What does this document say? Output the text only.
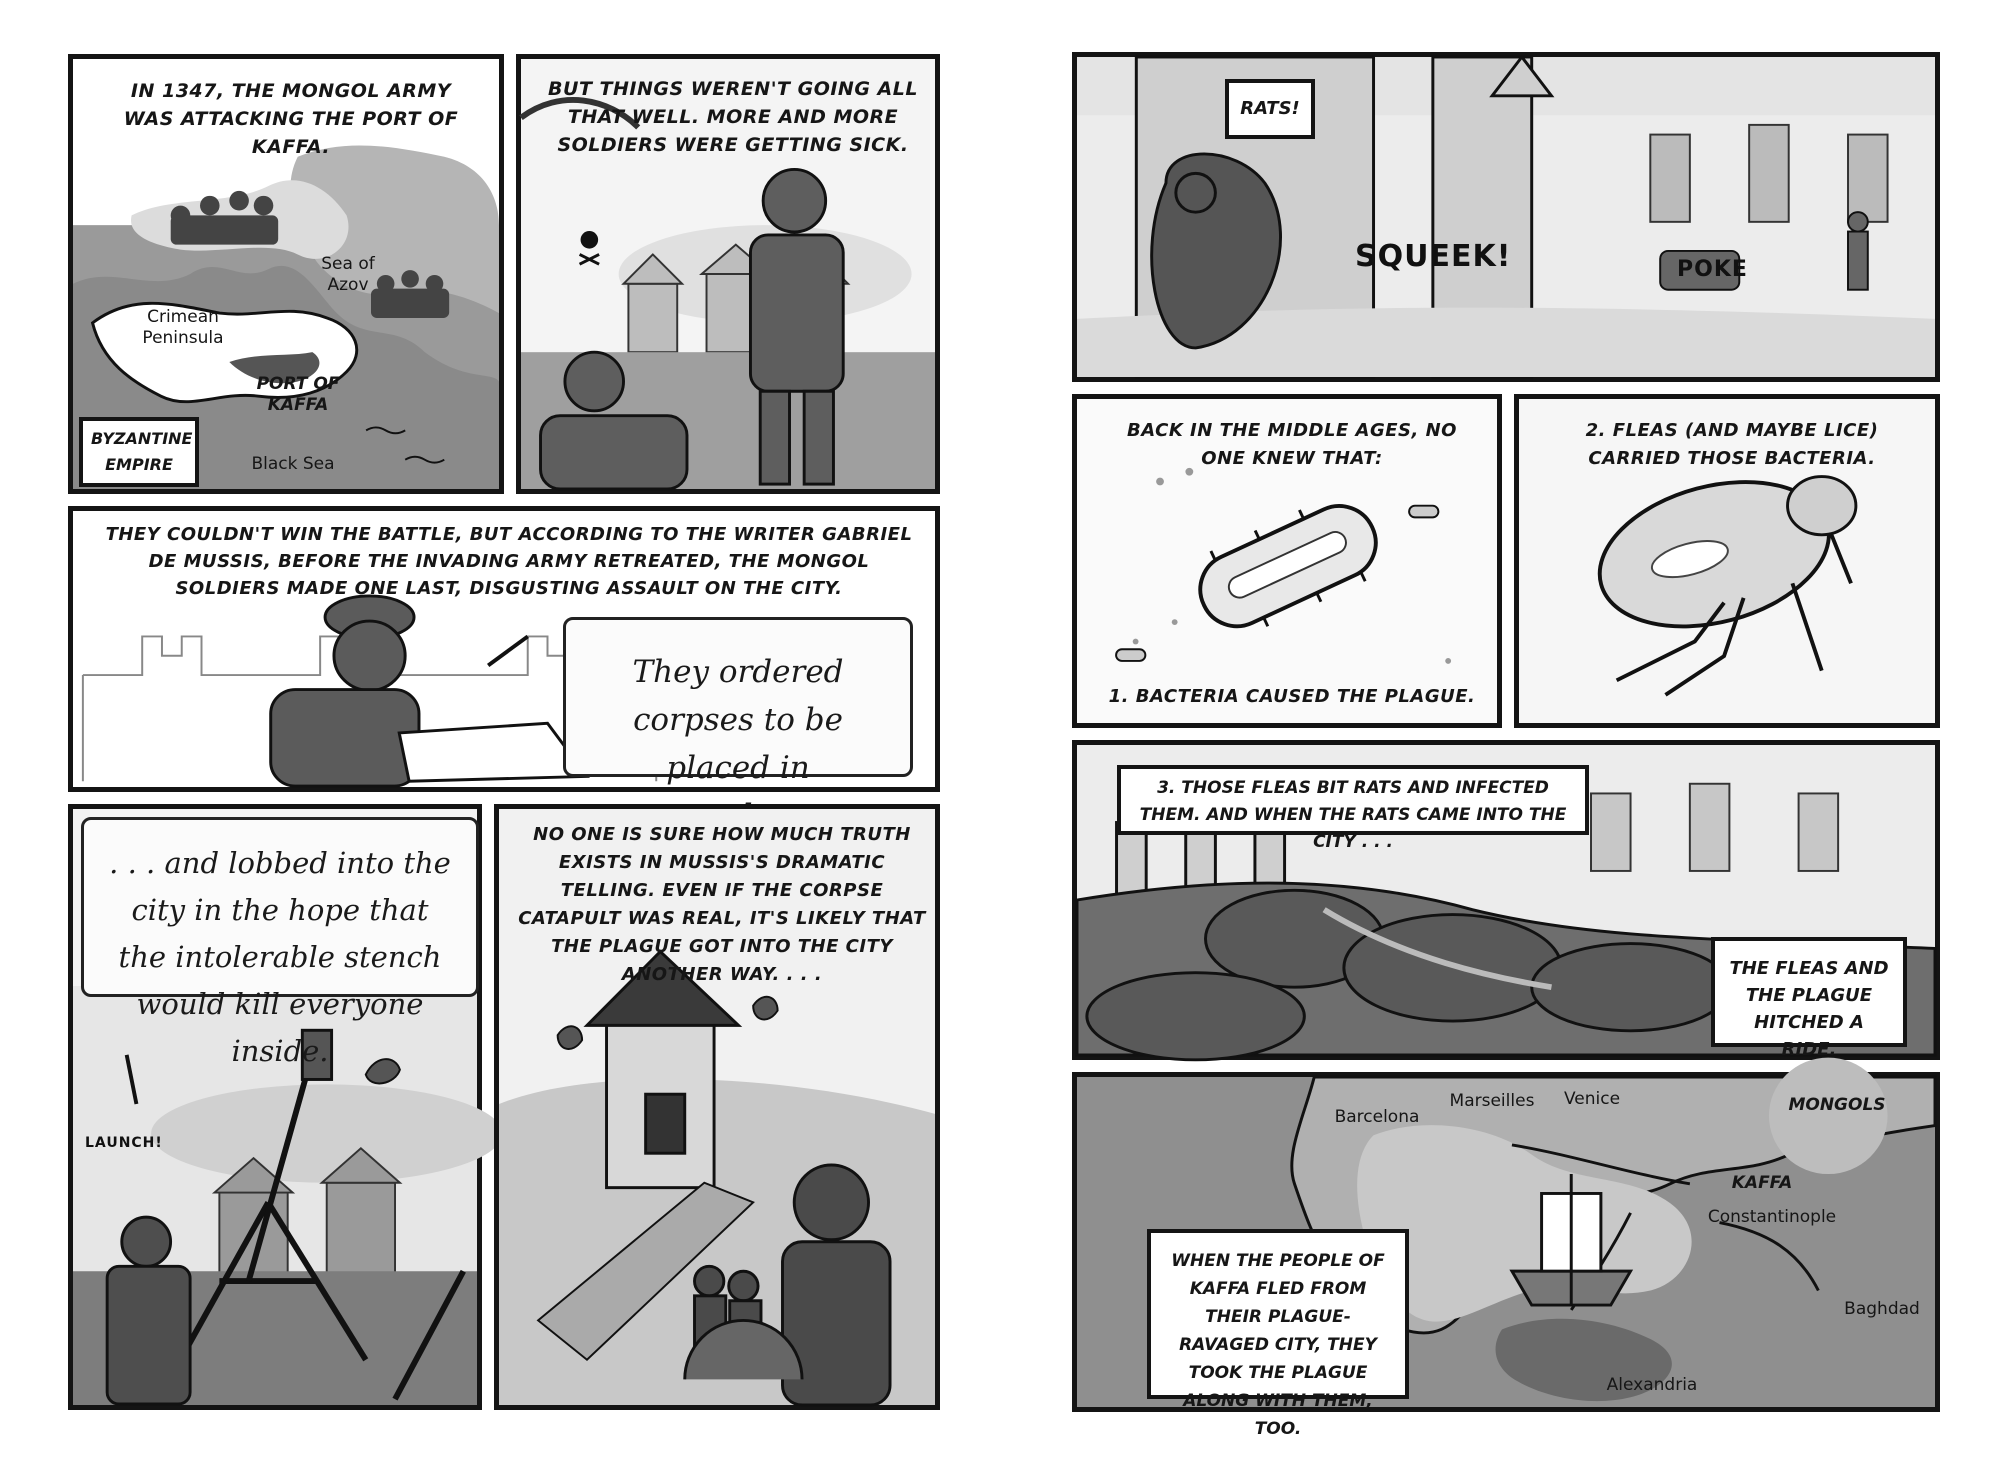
IN 1347, THE MONGOL ARMY WAS ATTACKING THE PORT OF KAFFA.
Sea of Azov
Crimean Peninsula
PORT OF KAFFA
BYZANTINE EMPIRE	Black Sea
BUT THINGS WEREN'T GOING ALL THAT WELL. MORE AND MORE SOLDIERS WERE GETTING SICK.
THEY COULDN'T WIN THE BATTLE, BUT ACCORDING TO THE WRITER GABRIEL DE MUSSIS, BEFORE THE INVADING ARMY RETREATED, THE MONGOL SOLDIERS MADE ONE LAST, DISGUSTING ASSAULT ON THE CITY.
They ordered corpses to be placed in
. . . and lobbed into the city in the hope that the intolerable stench would kill everyone inside.
LAUNCH!
NO ONE IS SURE HOW MUCH TRUTH EXISTS IN MUSSIS'S DRAMATIC TELLING. EVEN IF THE CORPSE CATAPULT WAS REAL, IT'S LIKELY THAT THE PLAGUE GOT INTO THE CITY ANOTHER WAY. . . .
RATS!
SQUEEK!	POKE
BACK IN THE MIDDLE AGES, NO ONE KNEW THAT:
1. BACTERIA CAUSED THE PLAGUE.
2. FLEAS (AND MAYBE LICE) CARRIED THOSE BACTERIA.
3. THOSE FLEAS BIT RATS AND INFECTED THEM. AND WHEN THE RATS CAME INTO THE CITY . . .
THE FLEAS AND THE PLAGUE HITCHED A RIDE.
Barcelona
Marseilles	Venice	MONGOLS
KAFFA
Constantinople
Baghdad
Alexandria
WHEN THE PEOPLE OF KAFFA FLED FROM THEIR PLAGUE-RAVAGED CITY, THEY TOOK THE PLAGUE ALONG WITH THEM, TOO.
